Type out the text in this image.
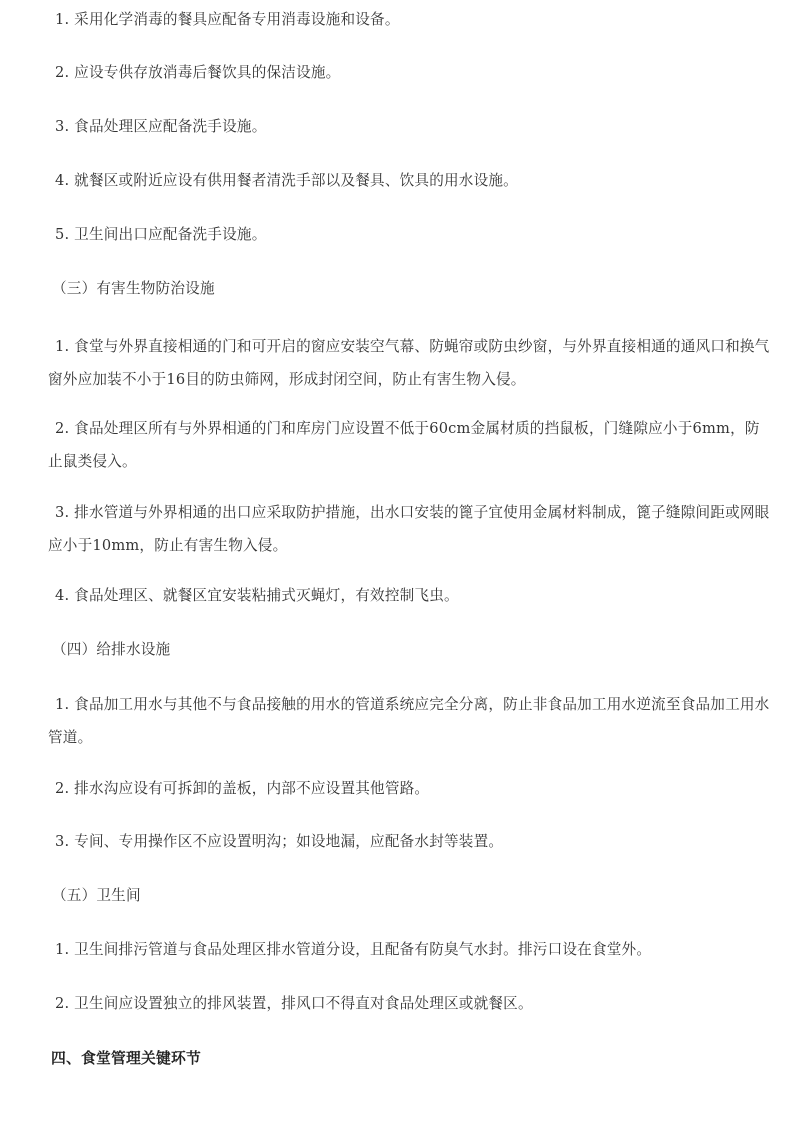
1. 采用化学消毒的餐具应配备专用消毒设施和设备。

2. 应设专供存放消毒后餐饮具的保洁设施。

3. 食品处理区应配备洗手设施。

4. 就餐区或附近应设有供用餐者清洗手部以及餐具、饮具的用水设施。

5. 卫生间出口应配备洗手设施。

（三）有害生物防治设施

1. 食堂与外界直接相通的门和可开启的窗应安装空气幕、防蝇帘或防虫纱窗，与外界直接相通的通风口和换气窗外应加装不小于16目的防虫筛网，形成封闭空间，防止有害生物入侵。

2. 食品处理区所有与外界相通的门和库房门应设置不低于60cm金属材质的挡鼠板，门缝隙应小于6mm，防止鼠类侵入。

3. 排水管道与外界相通的出口应采取防护措施，出水口安装的篦子宜使用金属材料制成，篦子缝隙间距或网眼应小于10mm，防止有害生物入侵。

4. 食品处理区、就餐区宜安装粘捕式灭蝇灯，有效控制飞虫。

（四）给排水设施

1. 食品加工用水与其他不与食品接触的用水的管道系统应完全分离，防止非食品加工用水逆流至食品加工用水管道。

2. 排水沟应设有可拆卸的盖板，内部不应设置其他管路。

3. 专间、专用操作区不应设置明沟；如设地漏，应配备水封等装置。

（五）卫生间

1. 卫生间排污管道与食品处理区排水管道分设，且配备有防臭气水封。排污口设在食堂外。

2. 卫生间应设置独立的排风装置，排风口不得直对食品处理区或就餐区。

四、食堂管理关键环节
